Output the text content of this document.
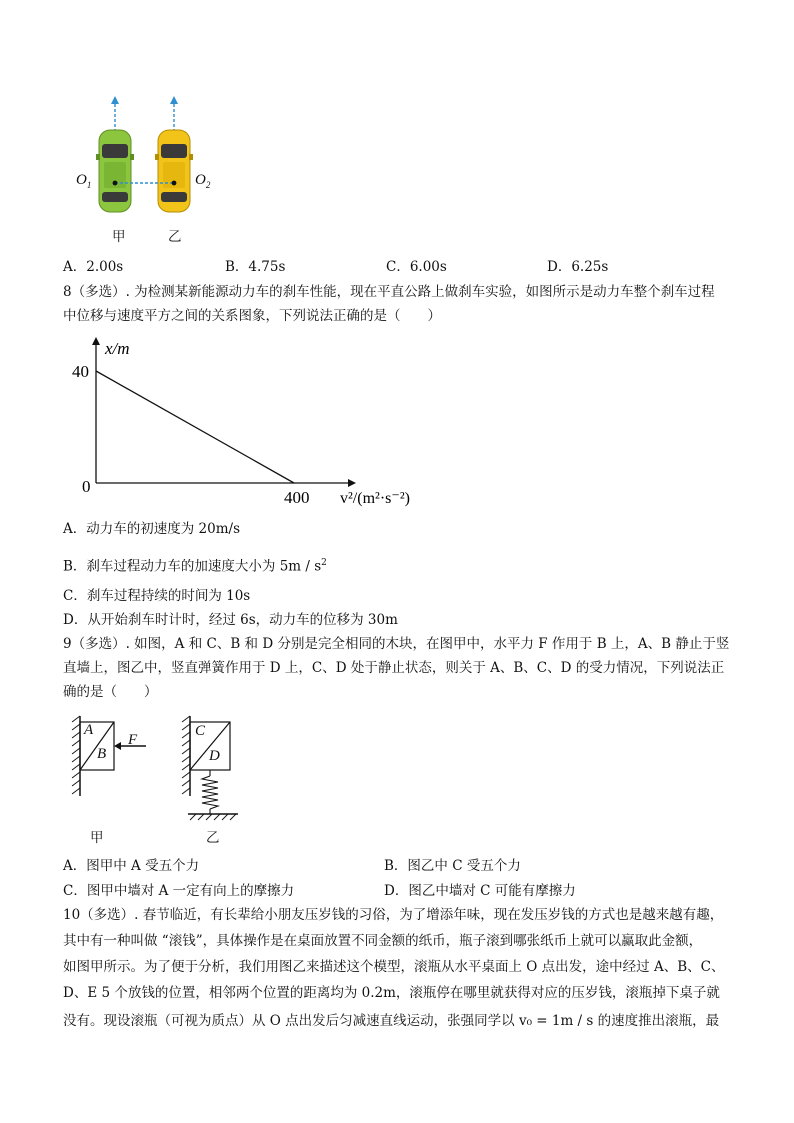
$O_1$	$O_2$
甲	乙
A．2.00s	B．4.75s	C．6.00s	D．6.25s
8（多选）. 为检测某新能源动力车的刹车性能，现在平直公路上做刹车实验，如图所示是动力车整个刹车过程
中位移与速度平方之间的关系图象，下列说法正确的是（　　）
40
400
x/m
v²/(m²·s⁻²)
0
A．动力车的初速度为 20m/s
B．刹车过程动力车的加速度大小为 $5m / s^2$
C．刹车过程持续的时间为 10s
D．从开始刹车时计时，经过 6s，动力车的位移为 30m
9（多选）. 如图，A 和 C、B 和 D 分别是完全相同的木块，在图甲中，水平力 F 作用于 B 上，A、B 静止于竖
直墙上，图乙中，竖直弹簧作用于 D 上，C、D 处于静止状态，则关于 A、B、C、D 的受力情况，下列说法正
确的是（　　）
A
B
F
C
D
甲	乙
A．图甲中 A 受五个力	B．图乙中 C 受五个力
C．图甲中墙对 A 一定有向上的摩擦力	D．图乙中墙对 C 可能有摩擦力
10（多选）. 春节临近，有长辈给小朋友压岁钱的习俗，为了增添年味，现在发压岁钱的方式也是越来越有趣，
其中有一种叫做 “滚钱”，具体操作是在桌面放置不同金额的纸币，瓶子滚到哪张纸币上就可以赢取此金额，
如图甲所示。为了便于分析，我们用图乙来描述这个模型，滚瓶从水平桌面上 O 点出发，途中经过 A、B、C、
D、E 5 个放钱的位置，相邻两个位置的距离均为 0.2m，滚瓶停在哪里就获得对应的压岁钱，滚瓶掉下桌子就
没有。现设滚瓶（可视为质点）从 O 点出发后匀减速直线运动，张强同学以 v₀ = 1m / s 的速度推出滚瓶，最
